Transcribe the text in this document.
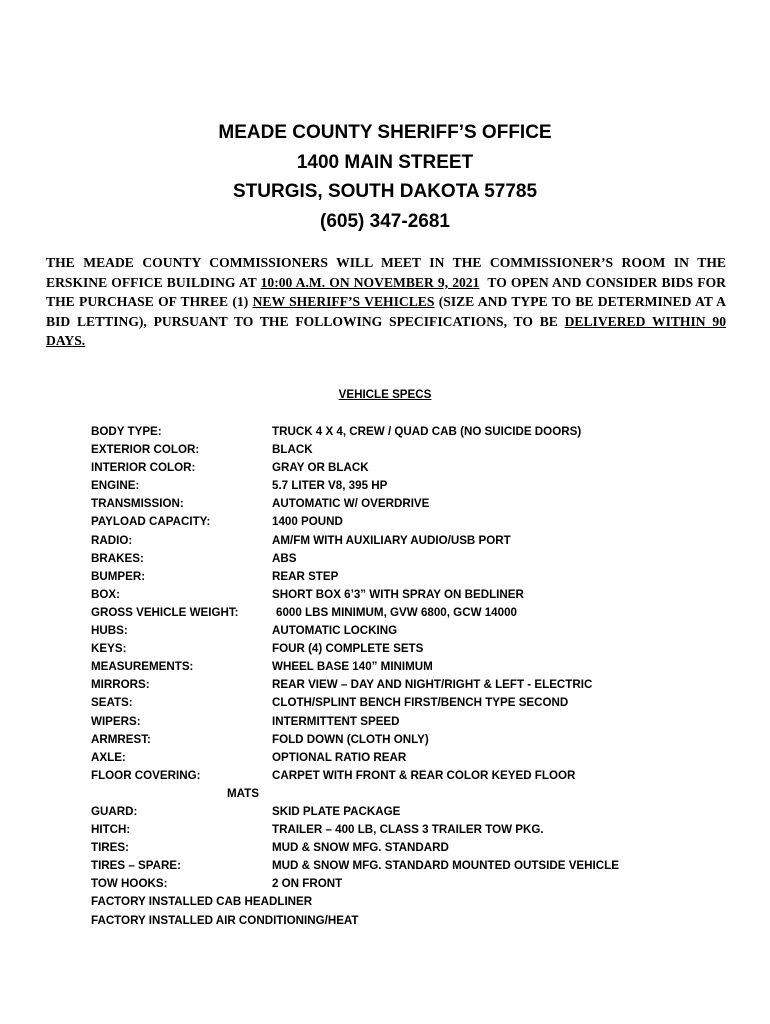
MEADE COUNTY SHERIFF’S OFFICE
1400 MAIN STREET
STURGIS, SOUTH DAKOTA 57785
(605) 347-2681
THE MEADE COUNTY COMMISSIONERS WILL MEET IN THE COMMISSIONER’S ROOM IN THE ERSKINE OFFICE BUILDING AT 10:00 A.M. ON NOVEMBER 9, 2021  TO OPEN AND CONSIDER BIDS FOR THE PURCHASE OF THREE (1) NEW SHERIFF’S VEHICLES (SIZE AND TYPE TO BE DETERMINED AT A BID LETTING), PURSUANT TO THE FOLLOWING SPECIFICATIONS, TO BE DELIVERED WITHIN 90 DAYS.
VEHICLE SPECS
BODY TYPE:	TRUCK 4 X 4, CREW / QUAD CAB (NO SUICIDE DOORS)
EXTERIOR COLOR:	BLACK
INTERIOR COLOR:	GRAY OR BLACK
ENGINE:	5.7 LITER V8, 395 HP
TRANSMISSION:	AUTOMATIC W/ OVERDRIVE
PAYLOAD CAPACITY:	1400 POUND
RADIO:	AM/FM WITH AUXILIARY AUDIO/USB PORT
BRAKES:	ABS
BUMPER:	REAR STEP
BOX:	SHORT BOX 6’3” WITH SPRAY ON BEDLINER
GROSS VEHICLE WEIGHT:	6000 LBS MINIMUM, GVW 6800, GCW 14000
HUBS:	AUTOMATIC LOCKING
KEYS:	FOUR (4) COMPLETE SETS
MEASUREMENTS:	WHEEL BASE 140” MINIMUM
MIRRORS:	REAR VIEW – DAY AND NIGHT/RIGHT & LEFT - ELECTRIC
SEATS:	CLOTH/SPLINT BENCH FIRST/BENCH TYPE SECOND
WIPERS:	INTERMITTENT SPEED
ARMREST:	FOLD DOWN (CLOTH ONLY)
AXLE:	OPTIONAL RATIO REAR
FLOOR COVERING:	CARPET WITH FRONT & REAR COLOR KEYED FLOOR
MATS
GUARD:	SKID PLATE PACKAGE
HITCH:	TRAILER – 400 LB, CLASS 3 TRAILER TOW PKG.
TIRES:	MUD & SNOW MFG. STANDARD
TIRES – SPARE:	MUD & SNOW MFG. STANDARD MOUNTED OUTSIDE VEHICLE
TOW HOOKS:	2 ON FRONT
FACTORY INSTALLED CAB HEADLINER
FACTORY INSTALLED AIR CONDITIONING/HEAT
